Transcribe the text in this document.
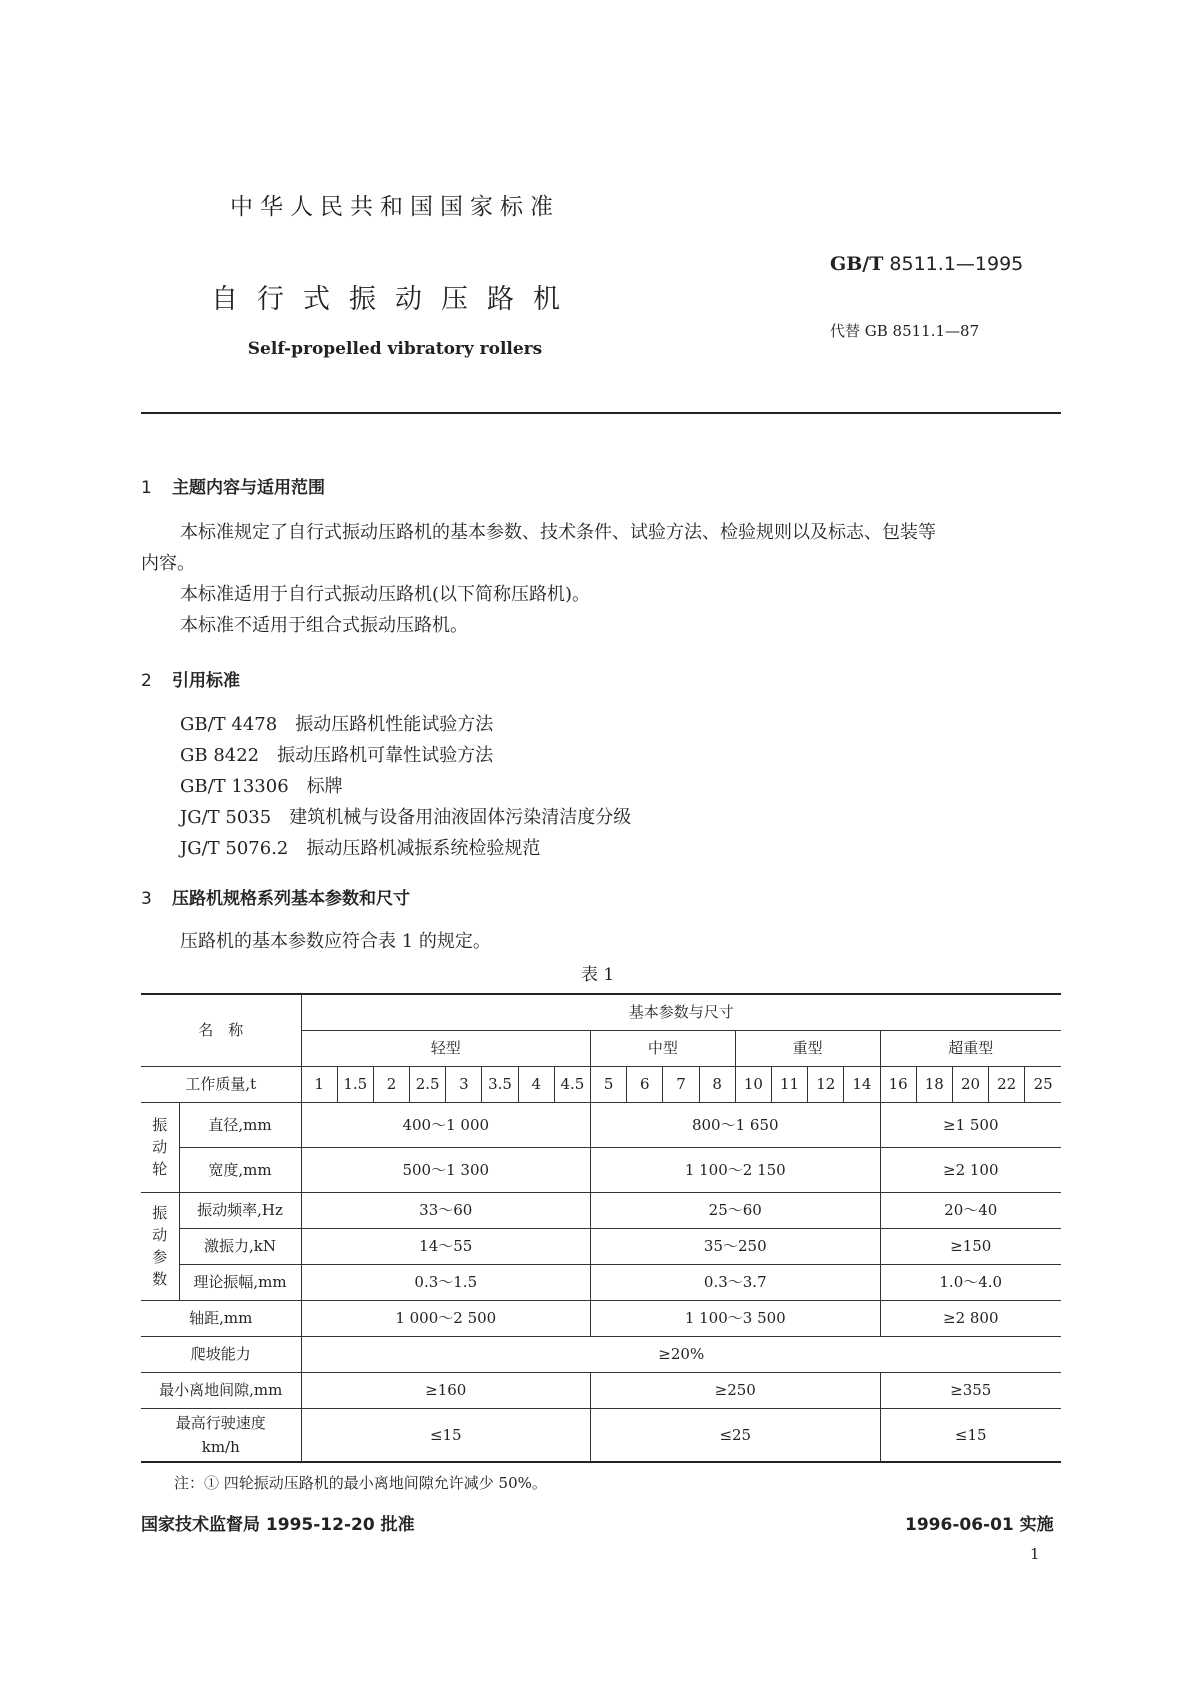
中华人民共和国国家标准
自行式振动压路机
Self-propelled vibratory rollers
GB/T 8511.1—1995
代替 GB 8511.1—87
1 主题内容与适用范围
本标准规定了自行式振动压路机的基本参数、技术条件、试验方法、检验规则以及标志、包装等
内容。
本标准适用于自行式振动压路机(以下简称压路机)。
本标准不适用于组合式振动压路机。
2 引用标准
GB/T 4478 振动压路机性能试验方法
GB 8422 振动压路机可靠性试验方法
GB/T 13306 标牌
JG/T 5035 建筑机械与设备用油液固体污染清洁度分级
JG/T 5076.2 振动压路机减振系统检验规范
3 压路机规格系列基本参数和尺寸
压路机的基本参数应符合表 1 的规定。
表 1
名　称		基本参数与尺寸																				
		轻型								中型				重型				超重型				
工作质量,t		1	1.5	2	2.5	3	3.5	4	4.5	5	6	7	8	10	11	12	14	16	18	20	22	25
振
动
轮	直径,mm	400～1 000								800～1 650								≥1 500				
	宽度,mm	500～1 300								1 100～2 150								≥2 100				
振
动
参
数	振动频率,Hz	33～60								25～60								20～40				
	激振力,kN	14～55								35～250								≥150				
	理论振幅,mm	0.3～1.5								0.3～3.7								1.0～4.0				
轴距,mm		1 000～2 500								1 100～3 500								≥2 800				
爬坡能力		≥20%																				
最小离地间隙,mm		≥160								≥250								≥355				
最高行驶速度
km/h		≤15								≤25								≤15				
注：① 四轮振动压路机的最小离地间隙允许减少 50%。
国家技术监督局 1995-12-20 批准	1996-06-01 实施
1
